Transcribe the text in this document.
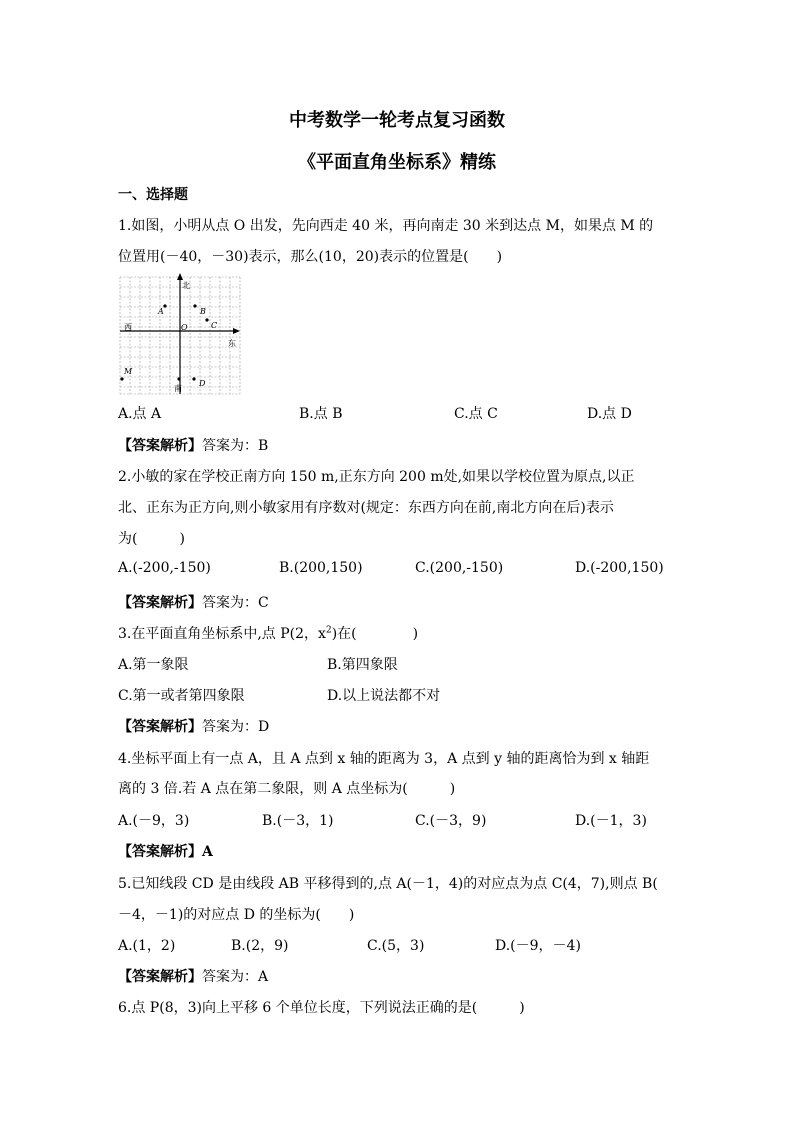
中考数学一轮考点复习函数
《平面直角坐标系》精练
一、选择题
1.如图，小明从点 O 出发，先向西走 40 米，再向南走 30 米到达点 M，如果点 M 的
位置用(－40，－30)表示，那么(10，20)表示的位置是(　　)
北
南
西
东
O
A	B
C
D
M
A.点 A	B.点 B	C.点 C	D.点 D
【答案解析】答案为：B
2.小敏的家在学校正南方向 150 m,正东方向 200 m处,如果以学校位置为原点,以正
北、正东为正方向,则小敏家用有序数对(规定：东西方向在前,南北方向在后)表示
为(　　　)
A.(-200,-150)	B.(200,150)	C.(200,-150)	D.(-200,150)
【答案解析】答案为：C
3.在平面直角坐标系中,点 P(2，$x^2$)在(　　　　)
A.第一象限	B.第四象限
C.第一或者第四象限	D.以上说法都不对
【答案解析】答案为：D
4.坐标平面上有一点 A，且 A 点到 x 轴的距离为 3，A 点到 y 轴的距离恰为到 x 轴距
离的 3 倍.若 A 点在第二象限，则 A 点坐标为(　　　)
A.(－9，3)	B.(－3，1)	C.(－3，9)	D.(－1，3)
【答案解析】A
5.已知线段 CD 是由线段 AB 平移得到的,点 A(－1，4)的对应点为点 C(4，7),则点 B(
－4，－1)的对应点 D 的坐标为(　　)
A.(1，2)	B.(2，9)	C.(5，3)	D.(－9，－4)
【答案解析】答案为：A
6.点 P(8，3)向上平移 6 个单位长度，下列说法正确的是(　　　)
